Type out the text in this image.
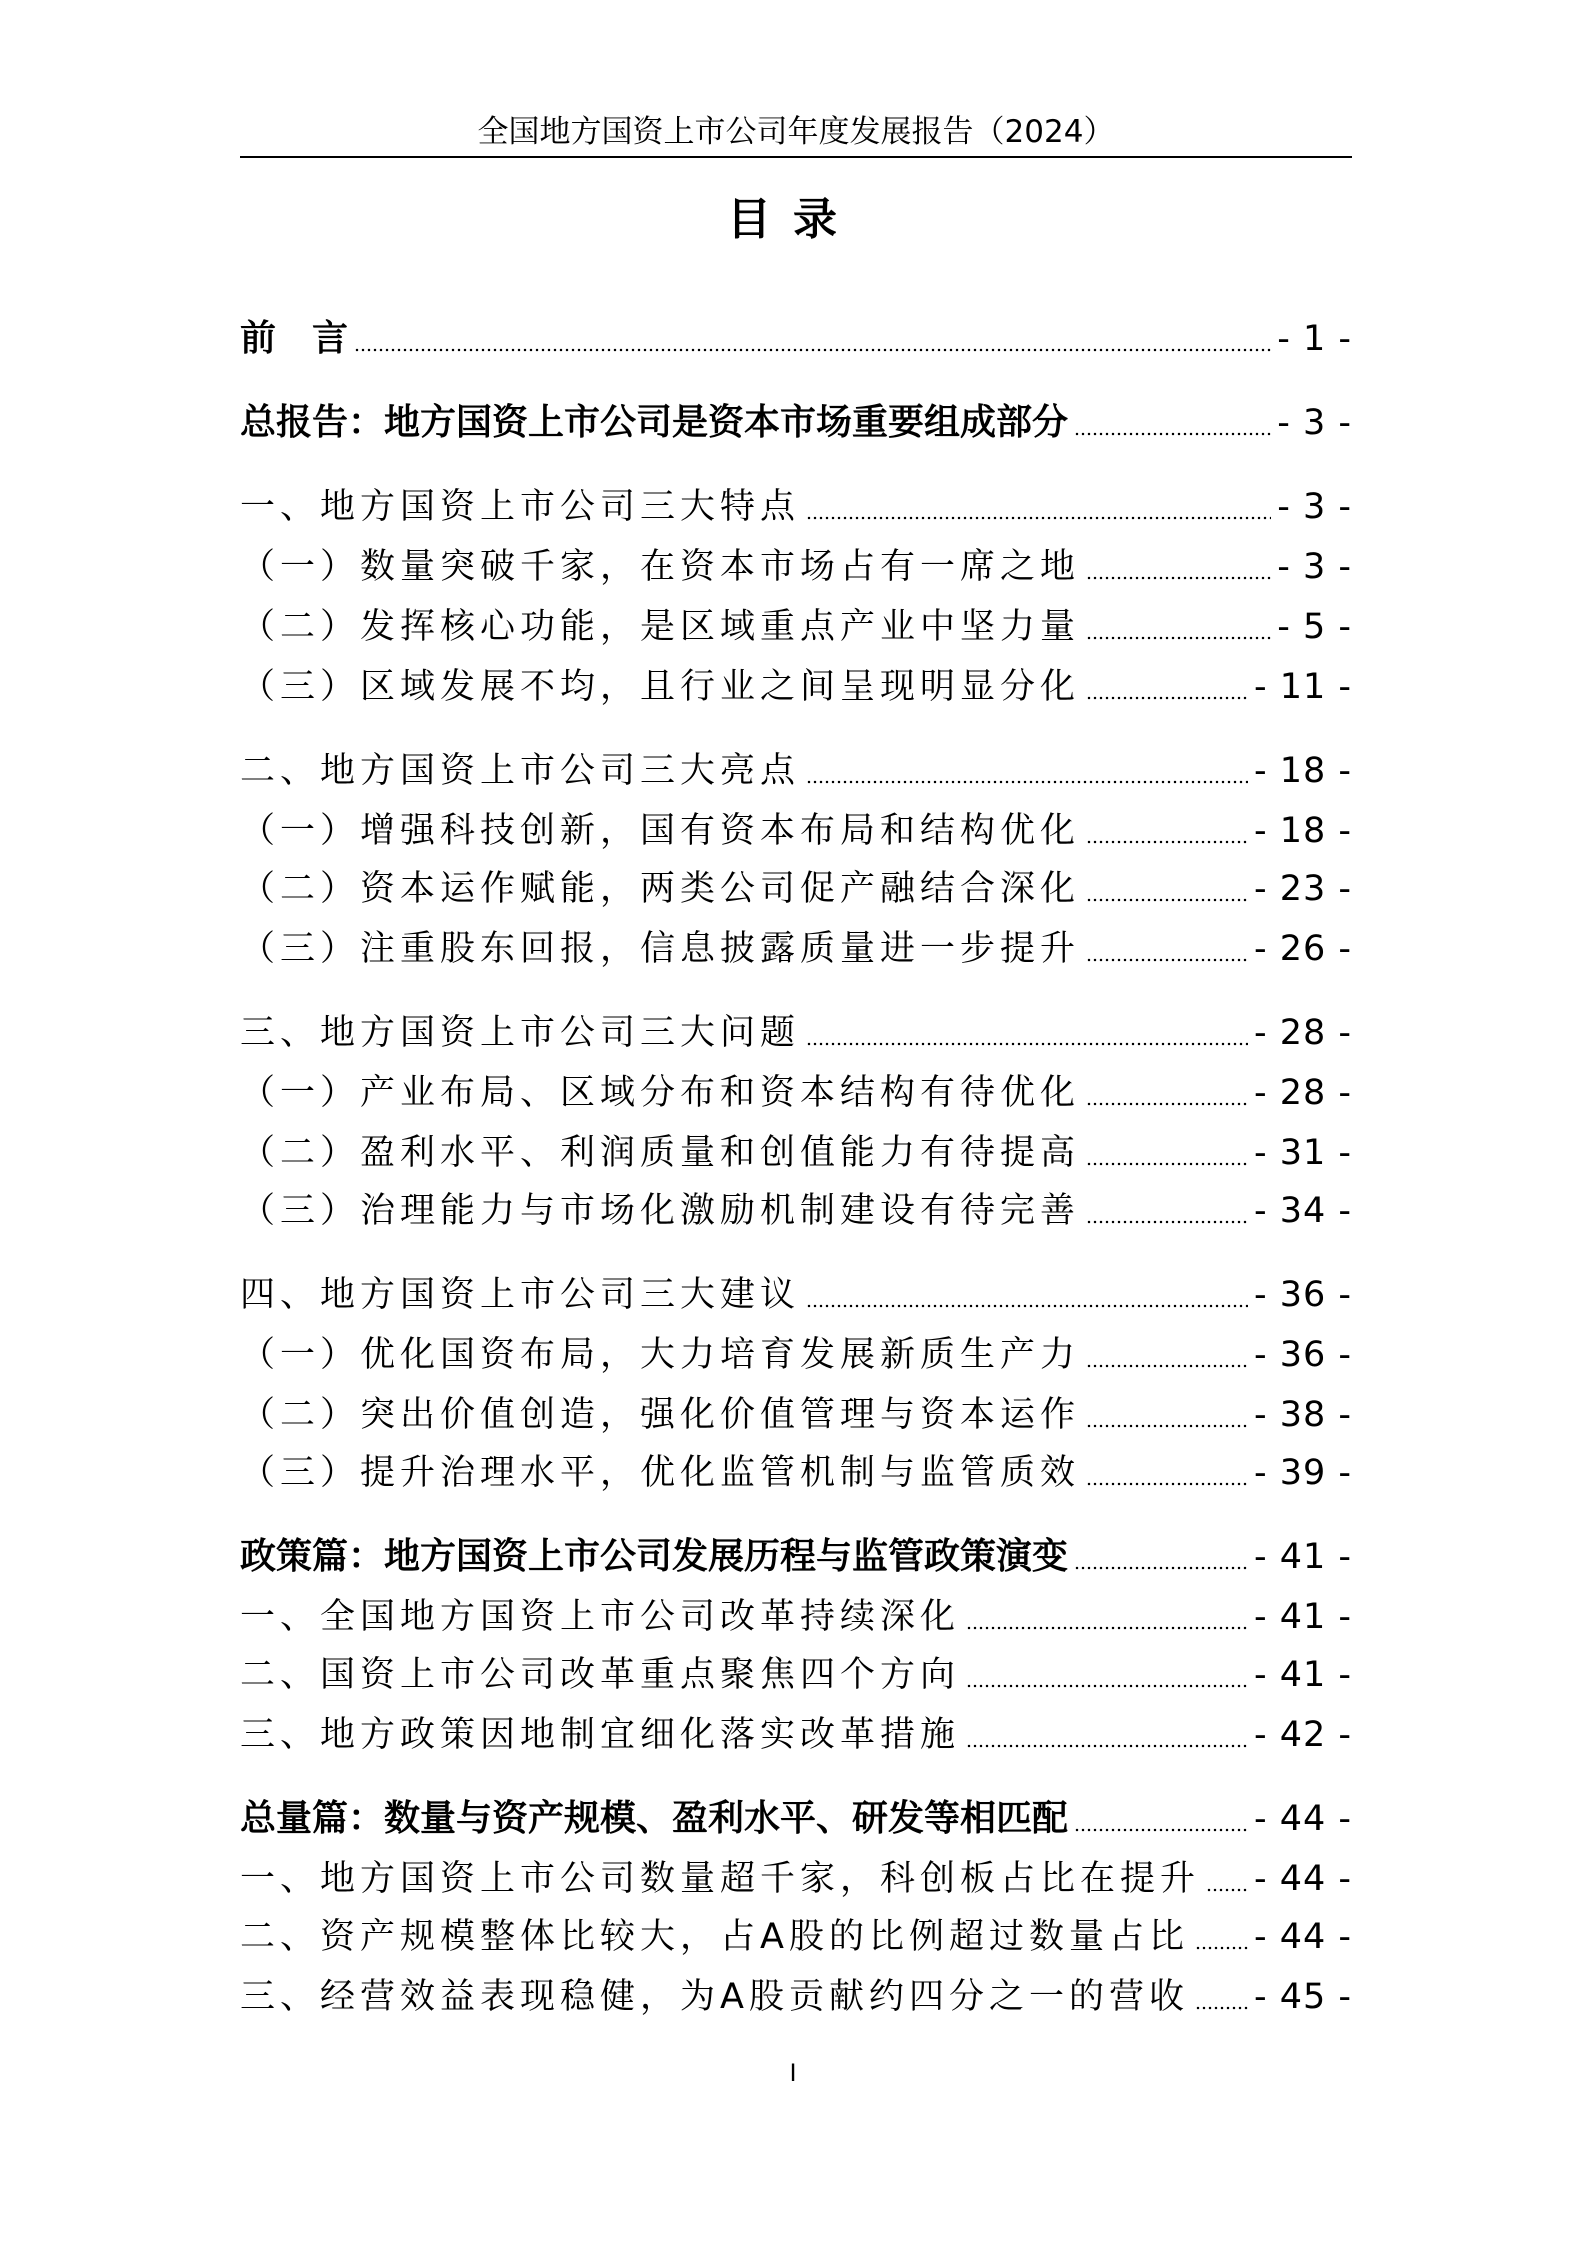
全国地方国资上市公司年度发展报告（2024）
目录
前　言	- 1 -
总报告：地方国资上市公司是资本市场重要组成部分	- 3 -
一、地方国资上市公司三大特点	- 3 -
（一）数量突破千家，在资本市场占有一席之地	- 3 -
（二）发挥核心功能，是区域重点产业中坚力量	- 5 -
（三）区域发展不均，且行业之间呈现明显分化	- 11 -
二、地方国资上市公司三大亮点	- 18 -
（一）增强科技创新，国有资本布局和结构优化	- 18 -
（二）资本运作赋能，两类公司促产融结合深化	- 23 -
（三）注重股东回报，信息披露质量进一步提升	- 26 -
三、地方国资上市公司三大问题	- 28 -
（一）产业布局、区域分布和资本结构有待优化	- 28 -
（二）盈利水平、利润质量和创值能力有待提高	- 31 -
（三）治理能力与市场化激励机制建设有待完善	- 34 -
四、地方国资上市公司三大建议	- 36 -
（一）优化国资布局，大力培育发展新质生产力	- 36 -
（二）突出价值创造，强化价值管理与资本运作	- 38 -
（三）提升治理水平，优化监管机制与监管质效	- 39 -
政策篇：地方国资上市公司发展历程与监管政策演变	- 41 -
一、全国地方国资上市公司改革持续深化	- 41 -
二、国资上市公司改革重点聚焦四个方向	- 41 -
三、地方政策因地制宜细化落实改革措施	- 42 -
总量篇：数量与资产规模、盈利水平、研发等相匹配	- 44 -
一、地方国资上市公司数量超千家，科创板占比在提升 - 44 -
二、资产规模整体比较大，占A股的比例超过数量占比 - 44 -
三、经营效益表现稳健，为A股贡献约四分之一的营收 - 45 -
I
